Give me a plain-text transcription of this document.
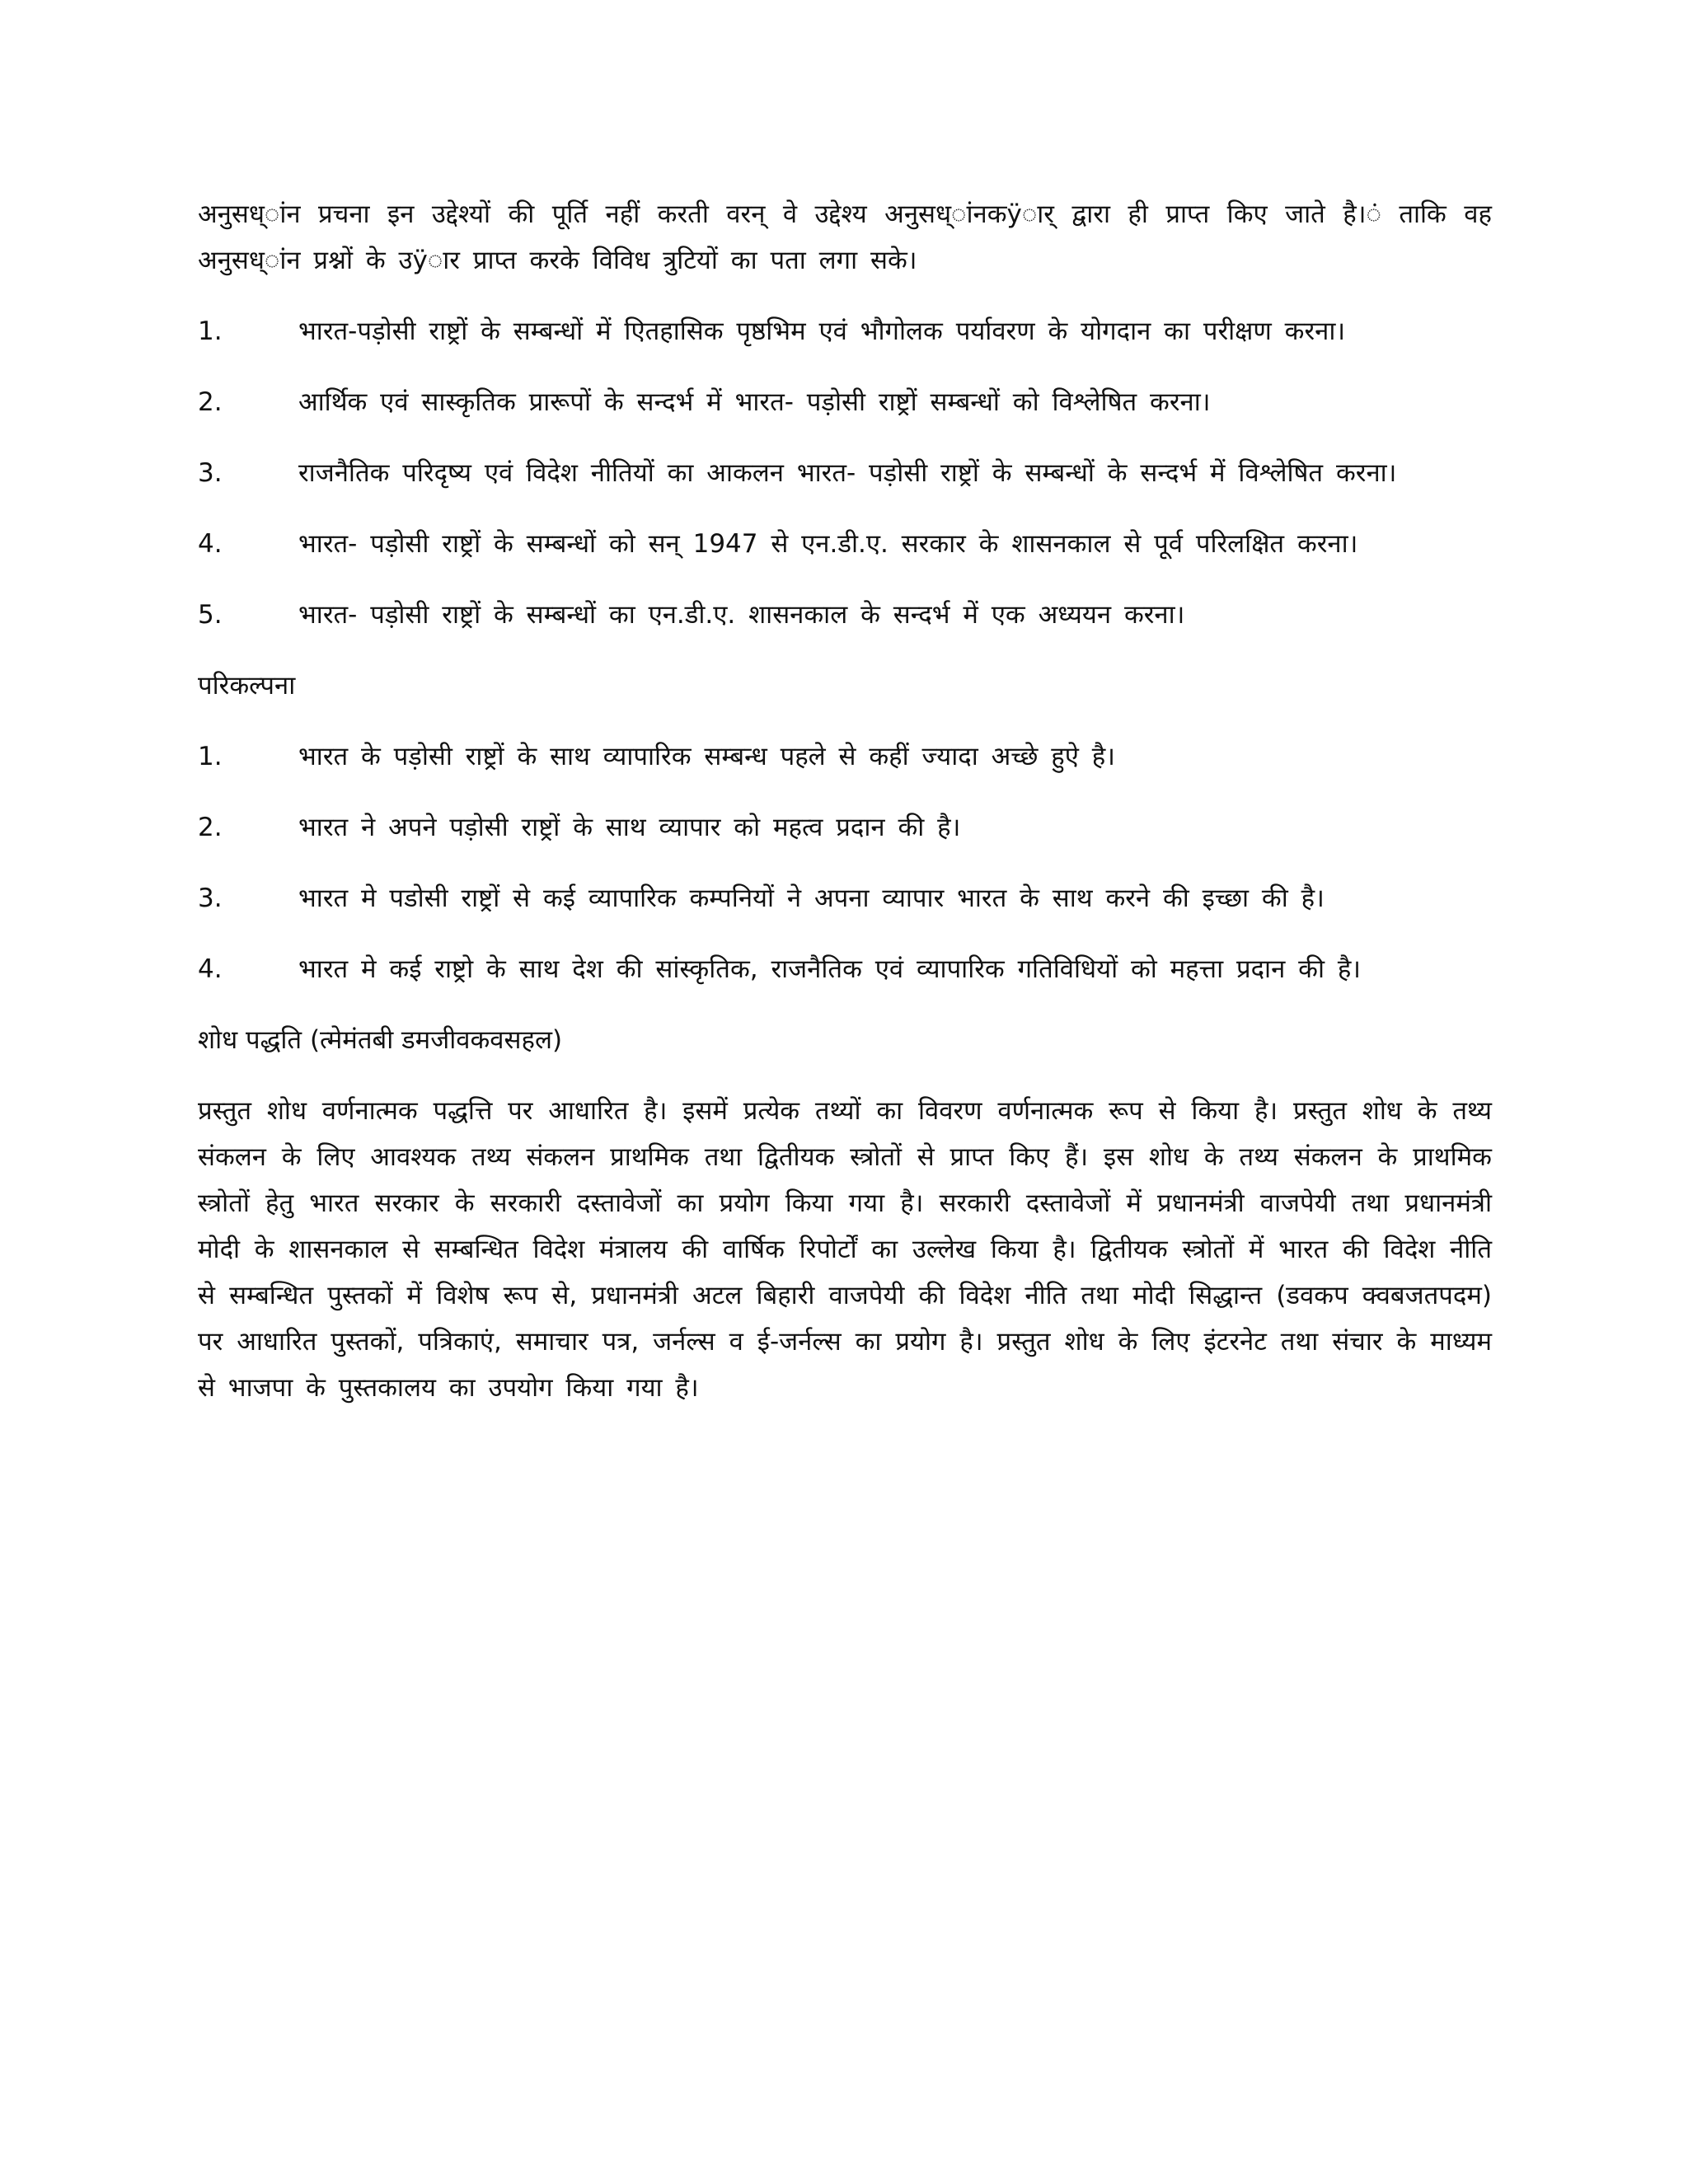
अनुसध्ांन प्रचना इन उद्देश्यों की पूर्ति नहीं करती वरन् वे उद्देश्य अनुसध्ांनकÿार् द्वारा ही प्राप्त किए जाते है।ं ताकि वह अनुसध्ांन प्रश्नों के उÿार प्राप्त करके विविध त्रुटियों का पता लगा सके।

1.	भारत-पड़ोसी राष्ट्रों के सम्बन्धों में एितहासिक पृष्ठभिम एवं भौगोलक पर्यावरण के योगदान का परीक्षण करना।

2.	आर्थिक एवं सास्कृतिक प्रारूपों के सन्दर्भ में भारत- पड़ोसी राष्ट्रों सम्बन्धों को विश्लेषित करना।

3.	राजनैतिक परिदृष्य एवं विदेश नीतियों का आकलन भारत- पड़ोसी राष्ट्रों के सम्बन्धों के सन्दर्भ में विश्लेषित करना।

4.	भारत- पड़ोसी राष्ट्रों के सम्बन्धों को सन् 1947 से एन.डी.ए. सरकार के शासनकाल से पूर्व परिलक्षित करना।

5.	भारत- पड़ोसी राष्ट्रों के सम्बन्धों का एन.डी.ए. शासनकाल के सन्दर्भ में एक अध्ययन करना।

परिकल्पना

1.	भारत के पड़ोसी राष्ट्रों के साथ व्यापारिक सम्बन्ध पहले से कहीं ज्यादा अच्छे हुऐ है।

2.	भारत ने अपने पड़ोसी राष्ट्रों के साथ व्यापार को महत्व प्रदान की है।

3.	भारत मे पडोसी राष्ट्रों से कई व्यापारिक कम्पनियों ने अपना व्यापार भारत के साथ करने की इच्छा की है।

4.	भारत मे कई राष्ट्रो के साथ देश की सांस्कृतिक, राजनैतिक एवं व्यापारिक गतिविधियों को महत्ता प्रदान की है।

शोध पद्धति (त्मेमंतबी डमजीवकवसहल)

प्रस्तुत शोध वर्णनात्मक पद्धत्ति पर आधारित है। इसमें प्रत्येक तथ्यों का विवरण वर्णनात्मक रूप से किया है। प्रस्तुत शोध के तथ्य संकलन के लिए आवश्यक तथ्य संकलन प्राथमिक तथा द्वितीयक स्त्रोतों से प्राप्त किए हैं। इस शोध के तथ्य संकलन के प्राथमिक स्त्रोतों हेतु भारत सरकार के सरकारी दस्तावेजों का प्रयोग किया गया है। सरकारी दस्तावेजों में प्रधानमंत्री वाजपेयी तथा प्रधानमंत्री मोदी के शासनकाल से सम्बन्धित विदेश मंत्रालय की वार्षिक रिपोर्टों का उल्लेख किया है। द्वितीयक स्त्रोतों में भारत की विदेश नीति से सम्बन्धित पुस्तकों में विशेष रूप से, प्रधानमंत्री अटल बिहारी वाजपेयी की विदेश नीति तथा मोदी सिद्धान्त (डवकप क्वबजतपदम) पर आधारित पुस्तकों, पत्रिकाएं, समाचार पत्र, जर्नल्स व ई-जर्नल्स का प्रयोग है। प्रस्तुत शोध के लिए इंटरनेट तथा संचार के माध्यम से भाजपा के पुस्तकालय का उपयोग किया गया है।
